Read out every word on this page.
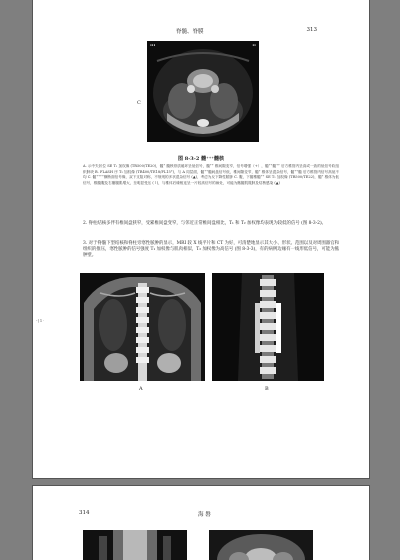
脊髓、脊膜	313
C
▮▮▮	▮▮
图 8-3-2 髓⁺⁺⁺髓核

A. 示中矢状位 SE T₁ 加权像 (TR500/TE20)，髓⁺ 髓核骨质破坏呈低信号，髓⁺⁺ 椎间隙变窄，信号增强（+），髓⁺⁺髓⁺⁺ 后方椎管内呈高或一致的低信号软组织肿块 B. FLASH 序 T₂ 加权像 (TR400/TE18/FL15°)，与 A 同层面，髓⁺⁺髓间盘信号低，椎间隙变窄，髓⁺ 椎体呈混杂信号，髓⁺⁺髓 后方椎管内信号高低不均 C. 髓⁺⁺⁺⁺横断面信号像，双下支阻对称，不规则的多状混杂信号 (▲)，考虑为反下降性脓肿 C. 腹，下腰椎髓⁺⁺ SE T₁ 加权像 (TR500/TE22)，髓⁺ 椎体为低信号，椎髓腹及右髂腰肌增大，呈明显受压 (↑)，与椎体后缘相连呈一片较高信号的病灶，可能为髂腰肌脓肿及结核感染 (▲)

2. 脊柱结核多伴有椎间盘狭窄，受累椎间盘变窄，与邻近正常椎间盘相比，T₁ 和 T₂ 加权像均表现为较低的信号 (图 8-3-2)。

3. 对于脊髓下型结核和脊柱旁寒性脓肿的显示，MRI 较 X 线平片和 CT 为好，可清楚地显示其大小、形状、范围以及对周围器官和组织的推压，寒性脓肿的信号强度 T₁ 加权像与肌肉相似，T₂ 加权像为高信号 (图 8-3-3)，有的病例边缘有一线形低信号，可能为脓肿壁。

A	B
-|1·
314	海 磐
